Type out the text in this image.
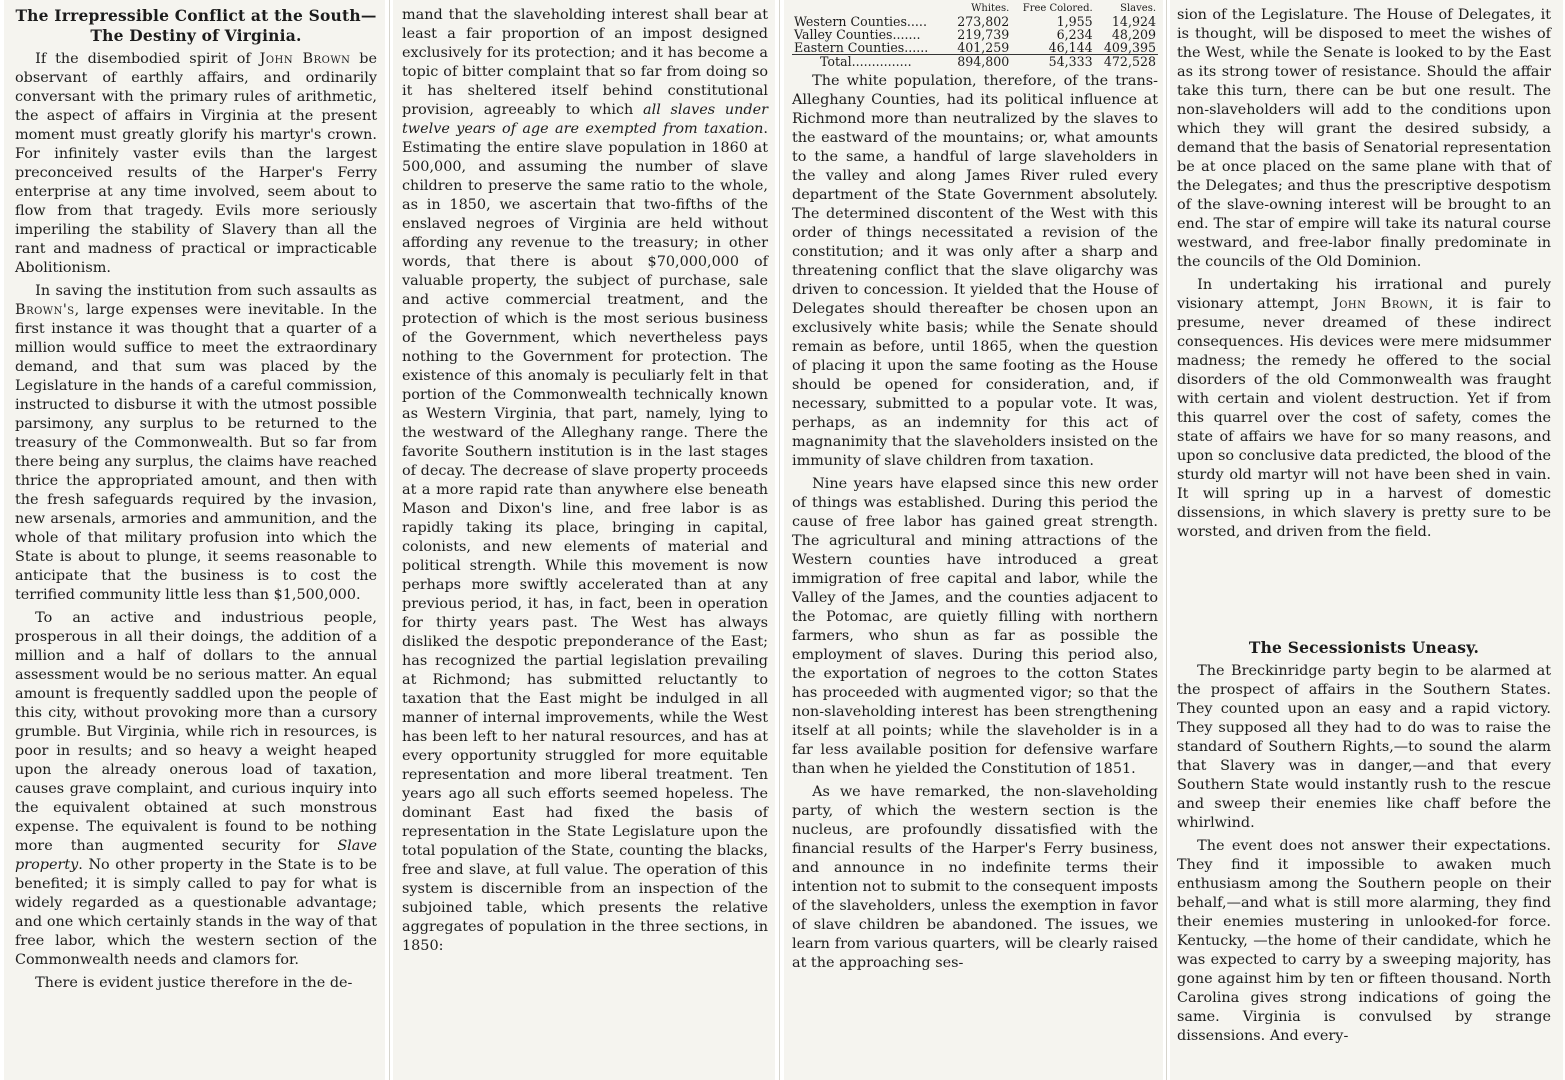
The Irrepressible Conflict at the South—The Destiny of Virginia.

If the disembodied spirit of John Brown be observant of earthly affairs, and ordinarily conversant with the primary rules of arithmetic, the aspect of affairs in Virginia at the present moment must greatly glorify his martyr's crown. For infinitely vaster evils than the largest preconceived results of the Harper's Ferry enterprise at any time involved, seem about to flow from that tragedy. Evils more seriously imperiling the stability of Slavery than all the rant and madness of practical or impracticable Abolitionism.

In saving the institution from such assaults as Brown's, large expenses were inevitable. In the first instance it was thought that a quarter of a million would suffice to meet the extraordinary demand, and that sum was placed by the Legislature in the hands of a careful commission, instructed to disburse it with the utmost possible parsimony, any surplus to be returned to the treasury of the Commonwealth. But so far from there being any surplus, the claims have reached thrice the appropriated amount, and then with the fresh safeguards required by the invasion, new arsenals, armories and ammunition, and the whole of that military profusion into which the State is about to plunge, it seems reasonable to anticipate that the business is to cost the terrified community little less than $1,500,000.

To an active and industrious people, prosperous in all their doings, the addition of a million and a half of dollars to the annual assessment would be no serious matter. An equal amount is frequently saddled upon the people of this city, without provoking more than a cursory grumble. But Virginia, while rich in resources, is poor in results; and so heavy a weight heaped upon the already onerous load of taxation, causes grave complaint, and curious inquiry into the equivalent obtained at such monstrous expense. The equivalent is found to be nothing more than augmented security for Slave property. No other property in the State is to be benefited; it is simply called to pay for what is widely regarded as a questionable advantage; and one which certainly stands in the way of that free labor, which the western section of the Commonwealth needs and clamors for.

There is evident justice therefore in the de-

mand that the slaveholding interest shall bear at least a fair proportion of an impost designed exclusively for its protection; and it has become a topic of bitter complaint that so far from doing so it has sheltered itself behind constitutional provision, agreeably to which all slaves under twelve years of age are exempted from taxation. Estimating the entire slave population in 1860 at 500,000, and assuming the number of slave children to preserve the same ratio to the whole, as in 1850, we ascertain that two-fifths of the enslaved negroes of Virginia are held without affording any revenue to the treasury; in other words, that there is about $70,000,000 of valuable property, the subject of purchase, sale and active commercial treatment, and the protection of which is the most serious business of the Government, which nevertheless pays nothing to the Government for protection. The existence of this anomaly is peculiarly felt in that portion of the Commonwealth technically known as Western Virginia, that part, namely, lying to the westward of the Alleghany range. There the favorite Southern institution is in the last stages of decay. The decrease of slave property proceeds at a more rapid rate than anywhere else beneath Mason and Dixon's line, and free labor is as rapidly taking its place, bringing in capital, colonists, and new elements of material and political strength. While this movement is now perhaps more swiftly accelerated than at any previous period, it has, in fact, been in operation for thirty years past. The West has always disliked the despotic preponderance of the East; has recognized the partial legislation prevailing at Richmond; has submitted reluctantly to taxation that the East might be indulged in all manner of internal improvements, while the West has been left to her natural resources, and has at every opportunity struggled for more equitable representation and more liberal treatment. Ten years ago all such efforts seemed hopeless. The dominant East had fixed the basis of representation in the State Legislature upon the total population of the State, counting the blacks, free and slave, at full value. The operation of this system is discernible from an inspection of the subjoined table, which presents the relative aggregates of population in the three sections, in 1850:

	Whites.	Free Colored.	Slaves.
Western Counties.....	273,802	1,955	14,924
Valley Counties.......	219,739	6,234	48,209
Eastern Counties......	401,259	46,144	409,395
Total...............	894,800	54,333	472,528

The white population, therefore, of the trans-Alleghany Counties, had its political influence at Richmond more than neutralized by the slaves to the eastward of the mountains; or, what amounts to the same, a handful of large slaveholders in the valley and along James River ruled every department of the State Government absolutely. The determined discontent of the West with this order of things necessitated a revision of the constitution; and it was only after a sharp and threatening conflict that the slave oligarchy was driven to concession. It yielded that the House of Delegates should thereafter be chosen upon an exclusively white basis; while the Senate should remain as before, until 1865, when the question of placing it upon the same footing as the House should be opened for consideration, and, if necessary, submitted to a popular vote. It was, perhaps, as an indemnity for this act of magnanimity that the slaveholders insisted on the immunity of slave children from taxation.

Nine years have elapsed since this new order of things was established. During this period the cause of free labor has gained great strength. The agricultural and mining attractions of the Western counties have introduced a great immigration of free capital and labor, while the Valley of the James, and the counties adjacent to the Potomac, are quietly filling with northern farmers, who shun as far as possible the employment of slaves. During this period also, the exportation of negroes to the cotton States has proceeded with augmented vigor; so that the non-slaveholding interest has been strengthening itself at all points; while the slaveholder is in a far less available position for defensive warfare than when he yielded the Constitution of 1851.

As we have remarked, the non-slaveholding party, of which the western section is the nucleus, are profoundly dissatisfied with the financial results of the Harper's Ferry business, and announce in no indefinite terms their intention not to submit to the consequent imposts of the slaveholders, unless the exemption in favor of slave children be abandoned. The issues, we learn from various quarters, will be clearly raised at the approaching ses-

sion of the Legislature. The House of Delegates, it is thought, will be disposed to meet the wishes of the West, while the Senate is looked to by the East as its strong tower of resistance. Should the affair take this turn, there can be but one result. The non-slaveholders will add to the conditions upon which they will grant the desired subsidy, a demand that the basis of Senatorial representation be at once placed on the same plane with that of the Delegates; and thus the prescriptive despotism of the slave-owning interest will be brought to an end. The star of empire will take its natural course westward, and free-labor finally predominate in the councils of the Old Dominion.

In undertaking his irrational and purely visionary attempt, John Brown, it is fair to presume, never dreamed of these indirect consequences. His devices were mere midsummer madness; the remedy he offered to the social disorders of the old Commonwealth was fraught with certain and violent destruction. Yet if from this quarrel over the cost of safety, comes the state of affairs we have for so many reasons, and upon so conclusive data predicted, the blood of the sturdy old martyr will not have been shed in vain. It will spring up in a harvest of domestic dissensions, in which slavery is pretty sure to be worsted, and driven from the field.

The Secessionists Uneasy.

The Breckinridge party begin to be alarmed at the prospect of affairs in the Southern States. They counted upon an easy and a rapid victory. They supposed all they had to do was to raise the standard of Southern Rights,—to sound the alarm that Slavery was in danger,—and that every Southern State would instantly rush to the rescue and sweep their enemies like chaff before the whirlwind.

The event does not answer their expectations. They find it impossible to awaken much enthusiasm among the Southern people on their behalf,—and what is still more alarming, they find their enemies mustering in unlooked-for force. Kentucky, —the home of their candidate, which he was expected to carry by a sweeping majority, has gone against him by ten or fifteen thousand. North Carolina gives strong indications of going the same. Virginia is convulsed by strange dissensions. And every-
